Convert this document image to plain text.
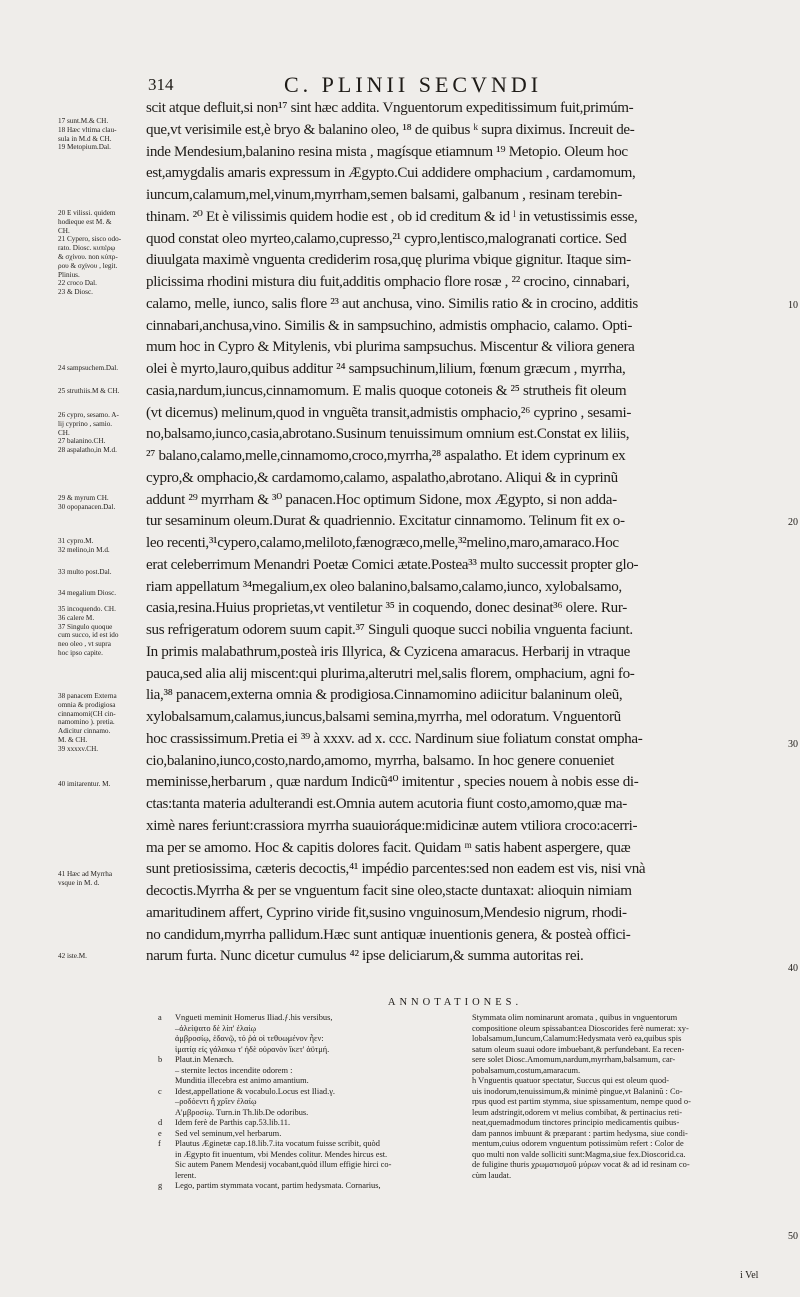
314	C. PLINII SECVNDI
17 sunt.M.& CH.
18 Hæc vltima clau-
sula in M.d & CH.
19 Metopium.Dal.
20 E vilissi. quidem
hodieque est M. &
CH.
21 Cypero, sisco odo-
rato. Diosc. κυπέρῳ
& σχίνου. non κύπρ-
ρου & σχίνου , legit.
Plinius.
22 croco Dal.
23 & Diosc.
24 sampsuchem.Dal.
25 struthiis.M & CH.
26 cypro, sesamo. A-
lij cyprino , samio.
CH.
27 balanino.CH.
28 aspalatho,in M.d.
29 & myrum CH.
30 opopanacen.Dal.
31 cypro.M.
32 melino,in M.d.
33 multo post.Dal.
34 megalium Diosc.
35 incoquendo. CH.
36 calere M.
37 Singulo quoque
cum succo, id est ido
neo oleo , vt supra
hoc ipso capite.
38 panacem Externa
omnia & prodigiosa
cinnamomi(CH cin-
namomino ). pretia.
Adicitur cinnamo.
M. & CH.
39 xxxxv.CH.
40 imitarentur. M.
41 Hæc ad Myrrha
vsque in M. d.
42 iste.M.
scit atque defluit,si non¹⁷ sint hæc addita. Vnguentorum expeditissimum fuit,primúm-
que,vt verisimile est,è bryo & balanino oleo, ¹⁸ de quibus ᵏ supra diximus. Increuit de-
inde Mendesium,balanino resina mista , magísque etiamnum ¹⁹ Metopio. Oleum hoc
est,amygdalis amaris expressum in Ægypto.Cui addidere omphacium , cardamomum,
iuncum,calamum,mel,vinum,myrrham,semen balsami, galbanum , resinam terebin-
thinam. ²⁰ Et è vilissimis quidem hodie est , ob id creditum & id ˡ in vetustissimis esse,
quod constat oleo myrteo,calamo,cupresso,²¹ cypro,lentisco,malogranati cortice. Sed
diuulgata maximè vnguenta crediderim rosa,quę plurima vbique gignitur. Itaque sim-
plicissima rhodini mistura diu fuit,additis omphacio flore rosæ , ²² crocino, cinnabari,
calamo, melle, iunco, salis flore ²³ aut anchusa, vino. Similis ratio & in crocino, additis
cinnabari,anchusa,vino. Similis & in sampsuchino, admistis omphacio, calamo. Opti-
mum hoc in Cypro & Mitylenis, vbi plurima sampsuchus. Miscentur & viliora genera
olei è myrto,lauro,quibus additur ²⁴ sampsuchinum,lilium, fœnum græcum , myrrha,
casia,nardum,iuncus,cinnamomum. E malis quoque cotoneis & ²⁵ strutheis fit oleum
(vt dicemus) melinum,quod in vnguẽta transit,admistis omphacio,²⁶ cyprino , sesami-
no,balsamo,iunco,casia,abrotano.Susinum tenuissimum omnium est.Constat ex liliis,
²⁷ balano,calamo,melle,cinnamomo,croco,myrrha,²⁸ aspalatho. Et idem cyprinum ex
cypro,& omphacio,& cardamomo,calamo, aspalatho,abrotano. Aliqui & in cyprinũ
addunt ²⁹ myrrham & ³⁰ panacen.Hoc optimum Sidone, mox Ægypto, si non adda-
tur sesaminum oleum.Durat & quadriennio. Excitatur cinnamomo. Telinum fit ex o-
leo recenti,³¹cypero,calamo,meliloto,fænogræco,melle,³²melino,maro,amaraco.Hoc
erat celeberrimum Menandri Poetæ Comici ætate.Postea³³ multo successit propter glo-
riam appellatum ³⁴megalium,ex oleo balanino,balsamo,calamo,iunco, xylobalsamo,
casia,resina.Huius proprietas,vt ventiletur ³⁵ in coquendo, donec desinat³⁶ olere. Rur-
sus refrigeratum odorem suum capit.³⁷ Singuli quoque succi nobilia vnguenta faciunt.
In primis malabathrum,posteà iris Illyrica, & Cyzicena amaracus. Herbarij in vtraque
pauca,sed alia alij miscent:qui plurima,alterutri mel,salis florem, omphacium, agni fo-
lia,³⁸ panacem,externa omnia & prodigiosa.Cinnamomino adiicitur balaninum oleũ,
xylobalsamum,calamus,iuncus,balsami semina,myrrha, mel odoratum. Vnguentorũ
hoc crassissimum.Pretia ei ³⁹ à xxxv. ad x. ccc. Nardinum siue foliatum constat ompha-
cio,balanino,iunco,costo,nardo,amomo, myrrha, balsamo. In hoc genere conueniet
meminisse,herbarum , quæ nardum Indicũ⁴⁰ imitentur , species nouem à nobis esse di-
ctas:tanta materia adulterandi est.Omnia autem acutoria fiunt costo,amomo,quæ ma-
ximè nares feriunt:crassiora myrrha suauioráque:midicinæ autem vtiliora croco:acerri-
ma per se amomo. Hoc & capitis dolores facit. Quidam ᵐ satis habent aspergere, quæ
sunt pretiosissima, cæteris decoctis,⁴¹ impédio parcentes:sed non eadem est vis, nisi vnà
decoctis.Myrrha & per se vnguentum facit sine oleo,stacte duntaxat: alioquin nimiam
amaritudinem affert, Cyprino viride fit,susino vnguinosum,Mendesio nigrum, rhodi-
no candidum,myrrha pallidum.Hæc sunt antiquæ inuentionis genera, & posteà offici-
narum furta. Nunc dicetur cumulus ⁴² ipse deliciarum,& summa autoritas rei.
10
20
30
40
50
ANNOTATIONES.
a	Vngueti meminit Homerus Iliad.ƒ.his versibus,
–ἀλείψατο δὲ λίπ' ἐλαίῳ
ἀμβροσίῳ, ἑδανῷ, τό ῥά οἱ τεθυωμένον ἦεν:
ἱματίᾳ εἰς γάλακω τ' ἠδὲ οὐρανὸν ἵκετ' ἀϋτμή.
b	Plaut.in Menæch.
– sternite lectos incendite odorem :
Munditia illecebra est animo amantium.
c	Idest,appellatione & vocabulo.Locus est Iliad.γ.
–ροδόεντι ἢ χρῖεν ἐλαίῳ
Α'μβροσίῳ. Turn.in Th.lib.De odoribus.
d	Idem ferè de Parthis cap.53.lib.11.
e	Sed vel seminum,vel herbarum.
f	Plautus Æginetæ cap.18.lib.7.ita vocatum fuisse scribit, quòd
in Ægypto fit inuentum, vbi Mendes colitur. Mendes hircus est.
Sic autem Panem Mendesij vocabant,quòd illum effigie hirci co-
lerent.
g	Lego, partim stymmata vocant, partim hedysmata. Cornarius,
Stymmata olim nominarunt aromata , quibus in vnguentorum
compositione oleum spissabant:ea Dioscorides ferè numerat: xy-
lobalsamum,Iuncum,Calamum:Hedysmata verò ea,quibus spis
satum oleum suaui odore imbuebant,& perfundebant. Ea recen-
sere solet Diosc.Amomum,nardum,myrrham,balsamum, car-
pobalsamum,costum,amaracum.
h Vnguentis quatuor spectatur, Succus qui est oleum quod-
uis inodorum,tenuissimum,& minimè pingue,vt Balaninũ : Co-
rpus quod est partim stymma, siue spissamentum, nempe quod o-
leum adstringit,odorem vt melius combibat, & pertinacius reti-
neat,quemadmodum tinctores principio medicamentis quibus-
dam pannos imbuunt & præparant : partim hedysma, siue condi-
mentum,cuius odorem vnguentum potissimùm refert : Color de
quo multi non valde solliciti sunt:Magma,siue fex.Dioscorid.ca.
de fuligine thuris χρωματισμοῦ μύρων vocat & ad id resinam co-
cùm laudat.
i Vel
